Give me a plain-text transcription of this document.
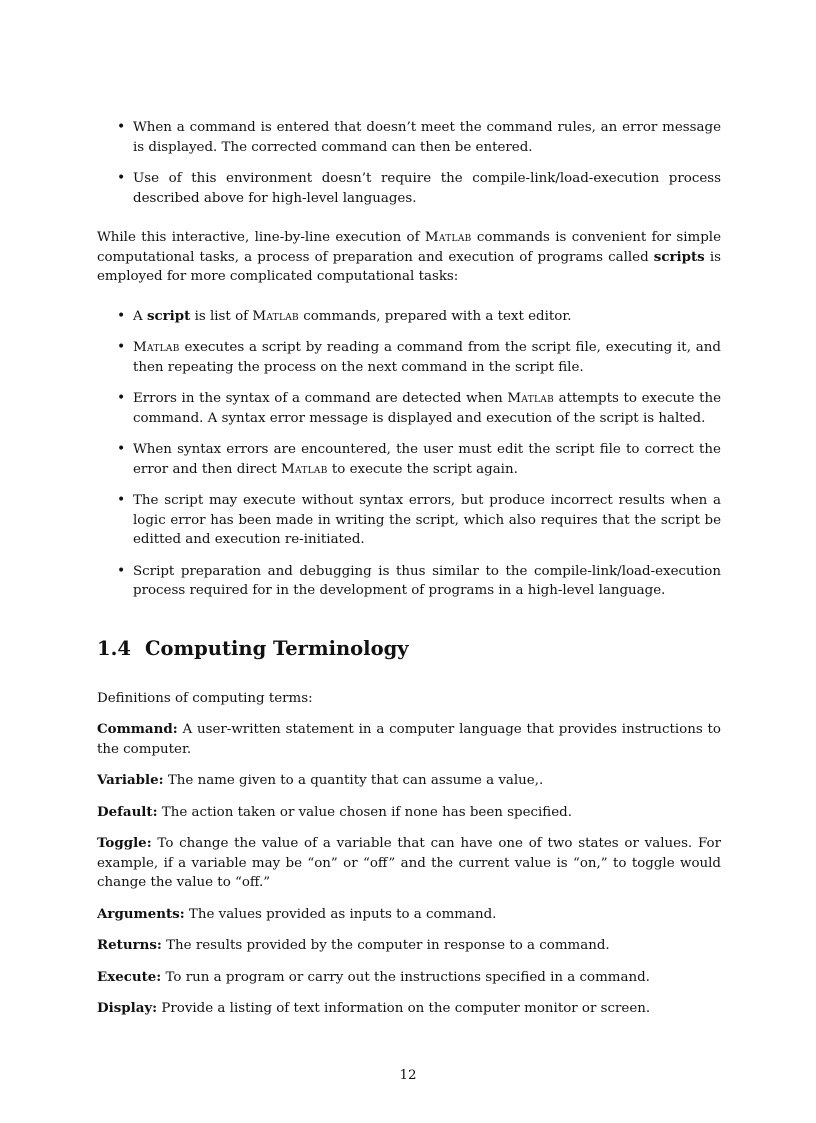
• When a command is entered that doesn’t meet the command rules, an error message is displayed. The corrected command can then be entered.
• Use of this environment doesn’t require the compile-link/load-execution process described above for high-level languages.

While this interactive, line-by-line execution of Matlab commands is convenient for simple computational tasks, a process of preparation and execution of programs called scripts is employed for more complicated computational tasks:

• A script is list of Matlab commands, prepared with a text editor.
• Matlab executes a script by reading a command from the script file, executing it, and then repeating the process on the next command in the script file.
• Errors in the syntax of a command are detected when Matlab attempts to execute the command. A syntax error message is displayed and execution of the script is halted.
• When syntax errors are encountered, the user must edit the script file to correct the error and then direct Matlab to execute the script again.
• The script may execute without syntax errors, but produce incorrect results when a logic error has been made in writing the script, which also requires that the script be editted and execution re-initiated.
• Script preparation and debugging is thus similar to the compile-link/load-execution process required for in the development of programs in a high-level language.
1.4 Computing Terminology

Definitions of computing terms:

Command: A user-written statement in a computer language that provides instructions to the computer.

Variable: The name given to a quantity that can assume a value,.

Default: The action taken or value chosen if none has been specified.

Toggle: To change the value of a variable that can have one of two states or values. For example, if a variable may be “on” or “off” and the current value is “on,” to toggle would change the value to “off.”

Arguments: The values provided as inputs to a command.

Returns: The results provided by the computer in response to a command.

Execute: To run a program or carry out the instructions specified in a command.

Display: Provide a listing of text information on the computer monitor or screen.

12
